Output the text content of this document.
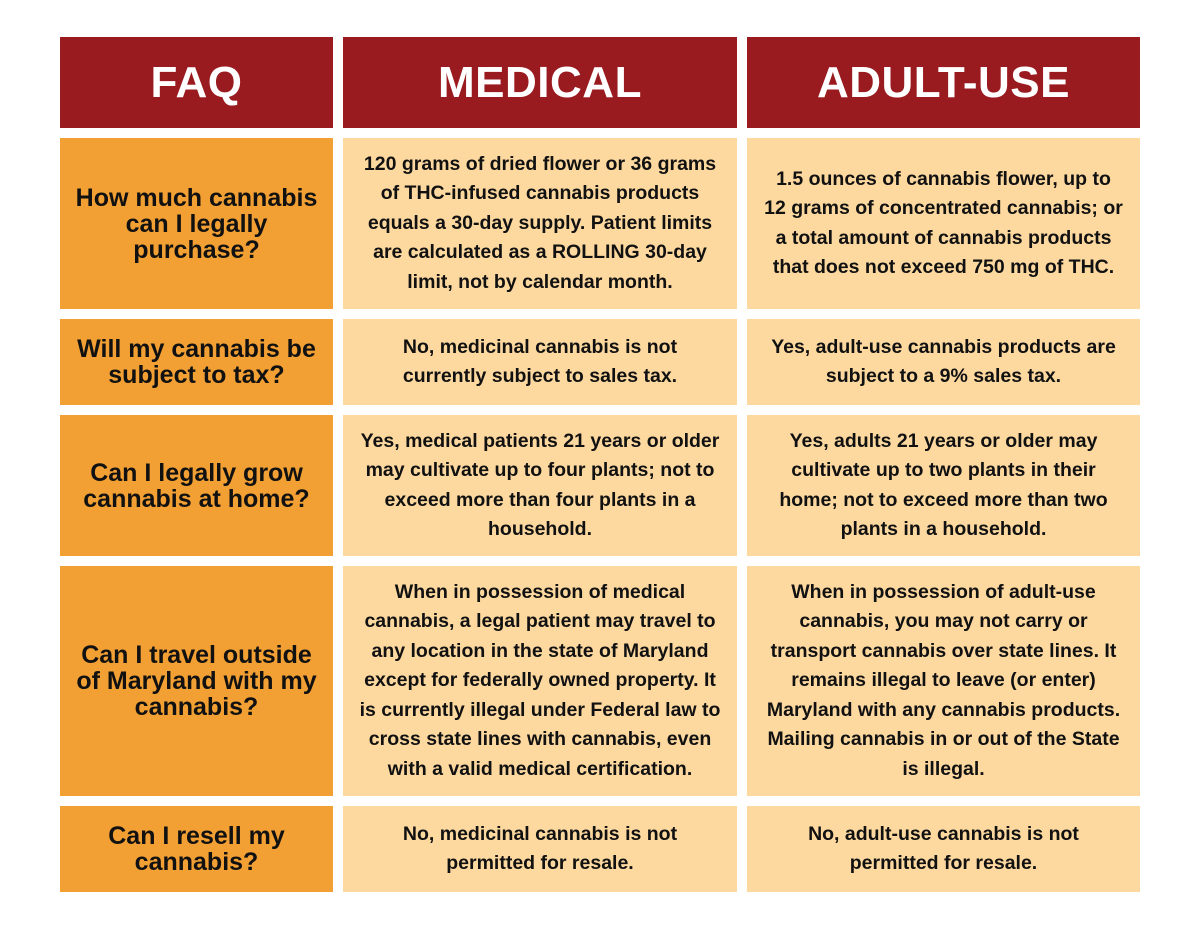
FAQ	MEDICAL	ADULT-USE
How much cannabis can I legally purchase?
120 grams of dried flower or 36 grams of THC-infused cannabis products equals a 30-day supply. Patient limits are calculated as a ROLLING 30-day limit, not by calendar month.
1.5 ounces of cannabis flower, up to 12 grams of concentrated cannabis; or a total amount of cannabis products that does not exceed 750 mg of THC.
Will my cannabis be subject to tax?
No, medicinal cannabis is not currently subject to sales tax.
Yes, adult-use cannabis products are subject to a 9% sales tax.
Can I legally grow cannabis at home?
Yes, medical patients 21 years or older may cultivate up to four plants; not to exceed more than four plants in a household.
Yes, adults 21 years or older may cultivate up to two plants in their home; not to exceed more than two plants in a household.
Can I travel outside of Maryland with my cannabis?
When in possession of medical cannabis, a legal patient may travel to any location in the state of Maryland except for federally owned property. It is currently illegal under Federal law to cross state lines with cannabis, even with a valid medical certification.
When in possession of adult-use cannabis, you may not carry or transport cannabis over state lines. It remains illegal to leave (or enter) Maryland with any cannabis products. Mailing cannabis in or out of the State is illegal.
Can I resell my cannabis?
No, medicinal cannabis is not permitted for resale.
No, adult-use cannabis is not permitted for resale.
